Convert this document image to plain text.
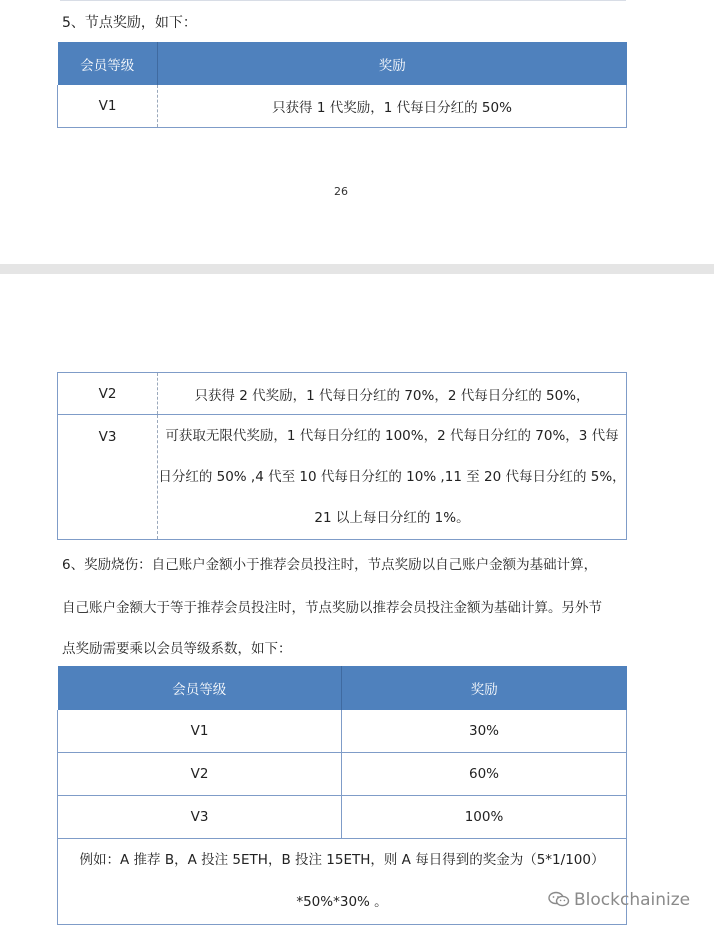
5、节点奖励，如下：
会员等级	奖励
V1	只获得 1 代奖励，1 代每日分红的 50%
26
V2	只获得 2 代奖励，1 代每日分红的 70%，2 代每日分红的 50%，
V3	可获取无限代奖励，1 代每日分红的 100%，2 代每日分红的 70%，3 代每
日分红的 50% ,4 代至 10 代每日分红的 10% ,11 至 20 代每日分红的 5%，
21 以上每日分红的 1%。
6、奖励烧伤：自己账户金额小于推荐会员投注时，节点奖励以自己账户金额为基础计算，
自己账户金额大于等于推荐会员投注时，节点奖励以推荐会员投注金额为基础计算。另外节
点奖励需要乘以会员等级系数，如下：
会员等级	奖励
V1	30%
V2	60%
V3	100%

例如：A 推荐 B，A 投注 5ETH，B 投注 15ETH，则 A 每日得到的奖金为（5*1/100）
*50%*30% 。		Blockchainize
